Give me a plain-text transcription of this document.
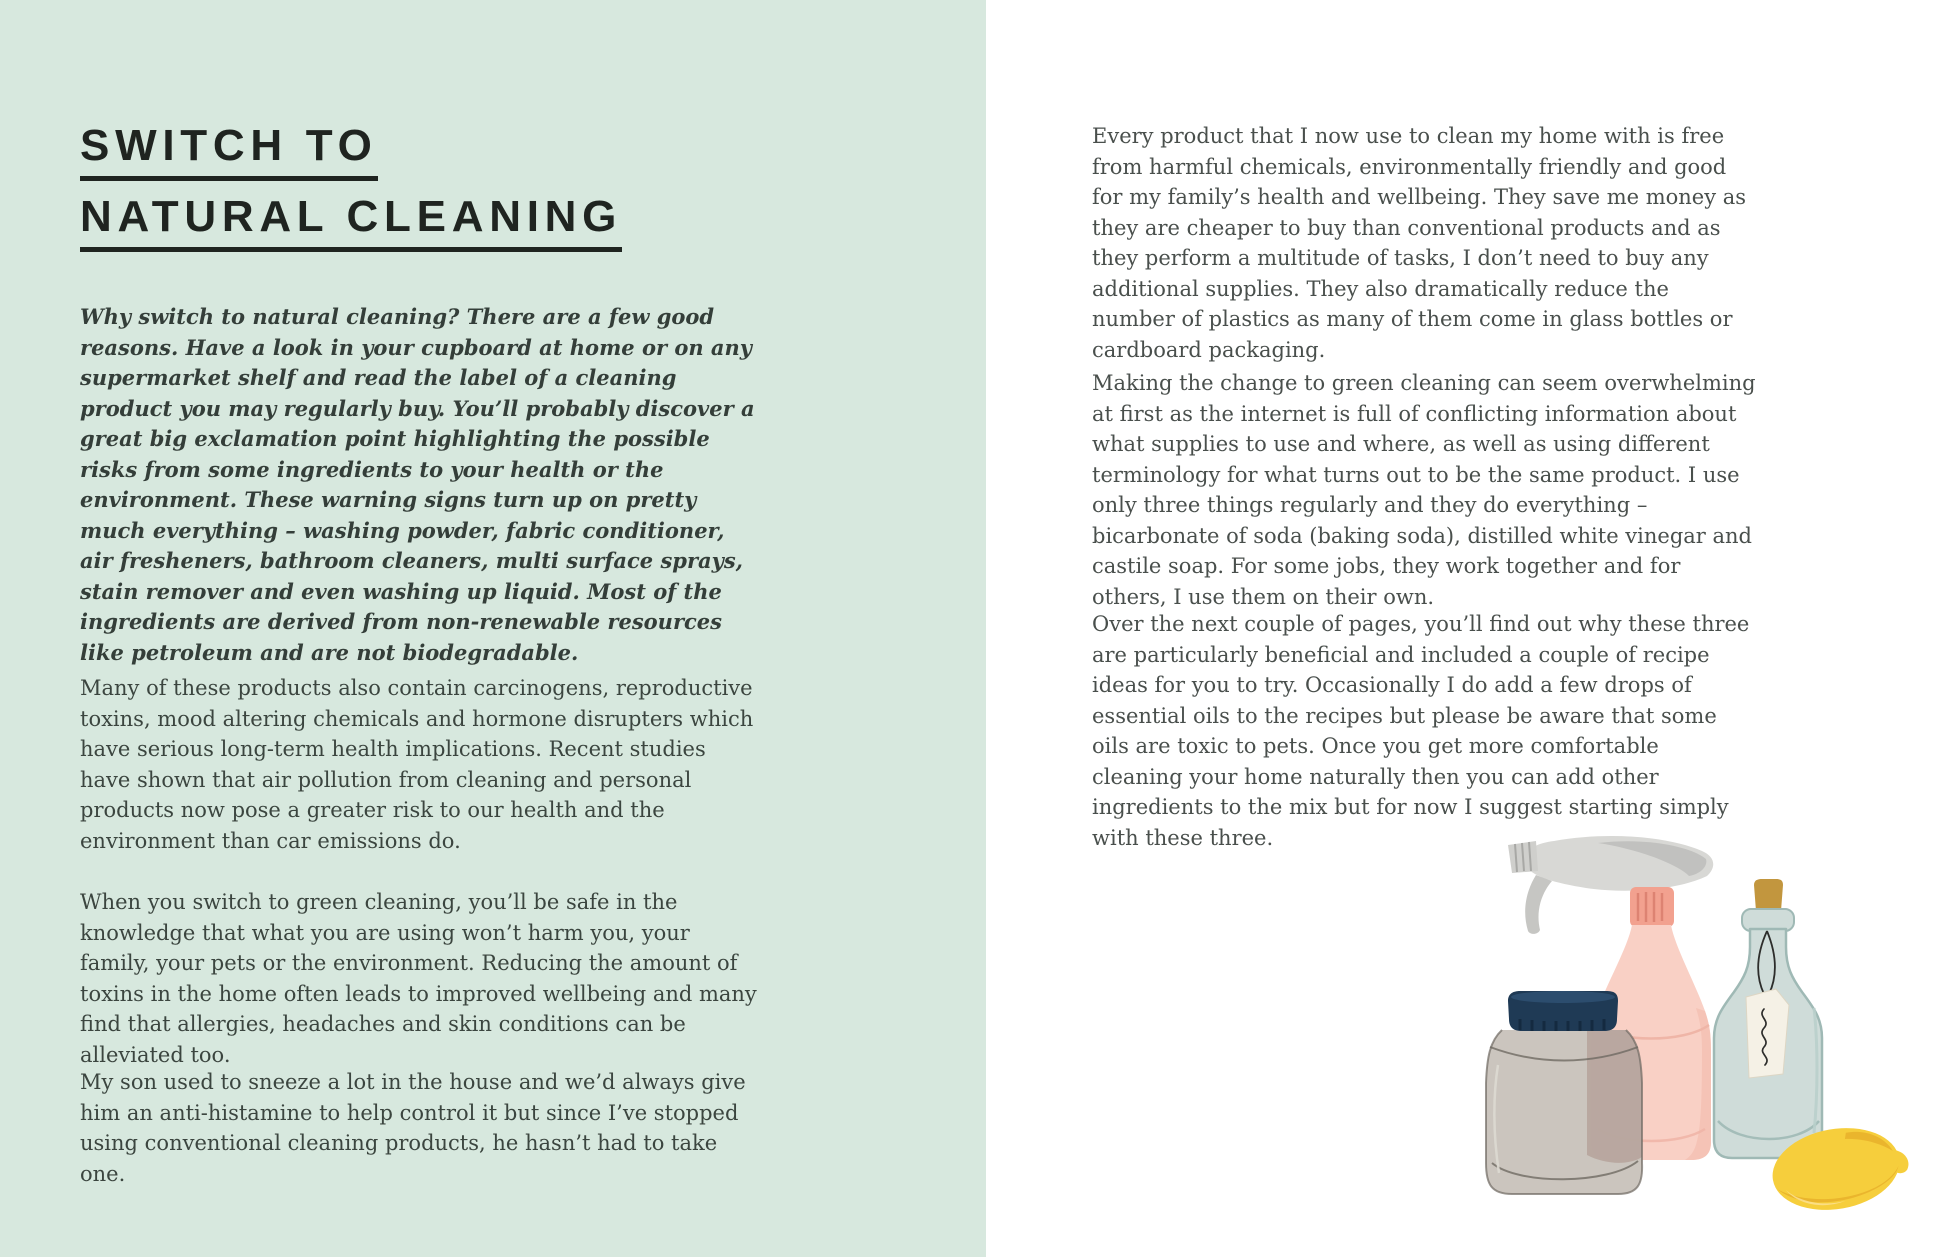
SWITCH TO
NATURAL CLEANING

Why switch to natural cleaning? There are a few good reasons. Have a look in your cupboard at home or on any supermarket shelf and read the label of a cleaning product you may regularly buy. You’ll probably discover a great big exclamation point highlighting the possible risks from some ingredients to your health or the environment. These warning signs turn up on pretty much everything – washing powder, fabric conditioner, air fresheners, bathroom cleaners, multi surface sprays, stain remover and even washing up liquid. Most of the ingredients are derived from non-renewable resources like petroleum and are not biodegradable.

Many of these products also contain carcinogens, reproductive toxins, mood altering chemicals and hormone disrupters which have serious long-term health implications. Recent studies have shown that air pollution from cleaning and personal products now pose a greater risk to our health and the environment than car emissions do.

When you switch to green cleaning, you’ll be safe in the knowledge that what you are using won’t harm you, your family, your pets or the environment. Reducing the amount of toxins in the home often leads to improved wellbeing and many find that allergies, headaches and skin conditions can be alleviated too.

My son used to sneeze a lot in the house and we’d always give him an anti-histamine to help control it but since I’ve stopped using conventional cleaning products, he hasn’t had to take one.

Every product that I now use to clean my home with is free from harmful chemicals, environmentally friendly and good for my family’s health and wellbeing. They save me money as they are cheaper to buy than conventional products and as they perform a multitude of tasks, I don’t need to buy any additional supplies. They also dramatically reduce the number of plastics as many of them come in glass bottles or cardboard packaging.

Making the change to green cleaning can seem overwhelming at first as the internet is full of conflicting information about what supplies to use and where, as well as using different terminology for what turns out to be the same product. I use only three things regularly and they do everything – bicarbonate of soda (baking soda), distilled white vinegar and castile soap. For some jobs, they work together and for others, I use them on their own.

Over the next couple of pages, you’ll find out why these three are particularly beneficial and included a couple of recipe ideas for you to try. Occasionally I do add a few drops of essential oils to the recipes but please be aware that some oils are toxic to pets. Once you get more comfortable cleaning your home naturally then you can add other ingredients to the mix but for now I suggest starting simply with these three.
